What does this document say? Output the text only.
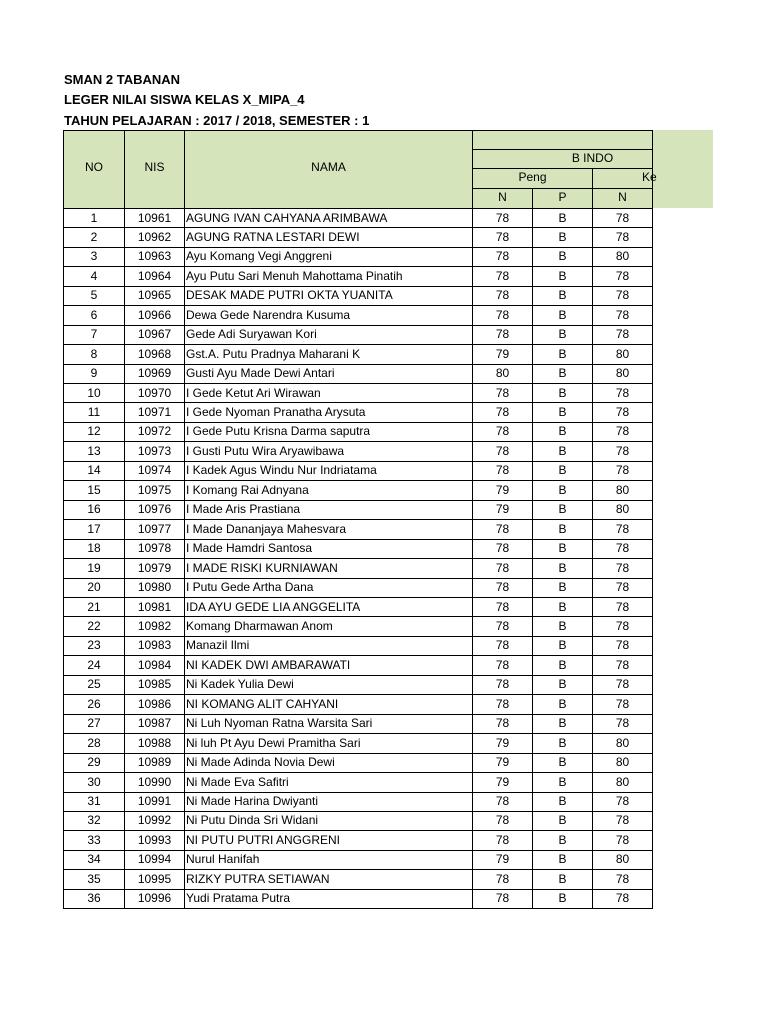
SMAN 2 TABANAN
LEGER NILAI SISWA KELAS X_MIPA_4
TAHUN PELAJARAN : 2017 / 2018, SEMESTER : 1
NO	NIS	NAMA
B INDO
Peng	Ke
N	P	N
1	10961	AGUNG IVAN CAHYANA ARIMBAWA	78	B	78
2	10962	AGUNG RATNA LESTARI DEWI	78	B	78
3	10963	Ayu Komang Vegi Anggreni	78	B	80
4	10964	Ayu Putu Sari Menuh Mahottama Pinatih	78	B	78
5	10965	DESAK MADE PUTRI OKTA YUANITA	78	B	78
6	10966	Dewa Gede Narendra Kusuma	78	B	78
7	10967	Gede Adi Suryawan Kori	78	B	78
8	10968	Gst.A. Putu Pradnya Maharani K	79	B	80
9	10969	Gusti Ayu Made Dewi Antari	80	B	80
10	10970	I Gede Ketut Ari Wirawan	78	B	78
11	10971	I Gede Nyoman Pranatha Arysuta	78	B	78
12	10972	I Gede Putu Krisna Darma saputra	78	B	78
13	10973	I Gusti Putu Wira Aryawibawa	78	B	78
14	10974	I Kadek Agus Windu Nur Indriatama	78	B	78
15	10975	I Komang Rai Adnyana	79	B	80
16	10976	I Made Aris Prastiana	79	B	80
17	10977	I Made Dananjaya Mahesvara	78	B	78
18	10978	I Made Hamdri Santosa	78	B	78
19	10979	I MADE RISKI KURNIAWAN	78	B	78
20	10980	I Putu Gede Artha Dana	78	B	78
21	10981	IDA AYU GEDE LIA ANGGELITA	78	B	78
22	10982	Komang Dharmawan Anom	78	B	78
23	10983	Manazil Ilmi	78	B	78
24	10984	NI KADEK DWI AMBARAWATI	78	B	78
25	10985	Ni Kadek Yulia Dewi	78	B	78
26	10986	NI KOMANG ALIT CAHYANI	78	B	78
27	10987	Ni Luh Nyoman Ratna Warsita Sari	78	B	78
28	10988	Ni luh Pt Ayu Dewi Pramitha Sari	79	B	80
29	10989	Ni Made Adinda Novia Dewi	79	B	80
30	10990	Ni Made Eva Safitri	79	B	80
31	10991	Ni Made Harina Dwiyanti	78	B	78
32	10992	Ni Putu Dinda Sri Widani	78	B	78
33	10993	NI PUTU PUTRI ANGGRENI	78	B	78
34	10994	Nurul Hanifah	79	B	80
35	10995	RIZKY PUTRA SETIAWAN	78	B	78
36	10996	Yudi Pratama Putra	78	B	78
